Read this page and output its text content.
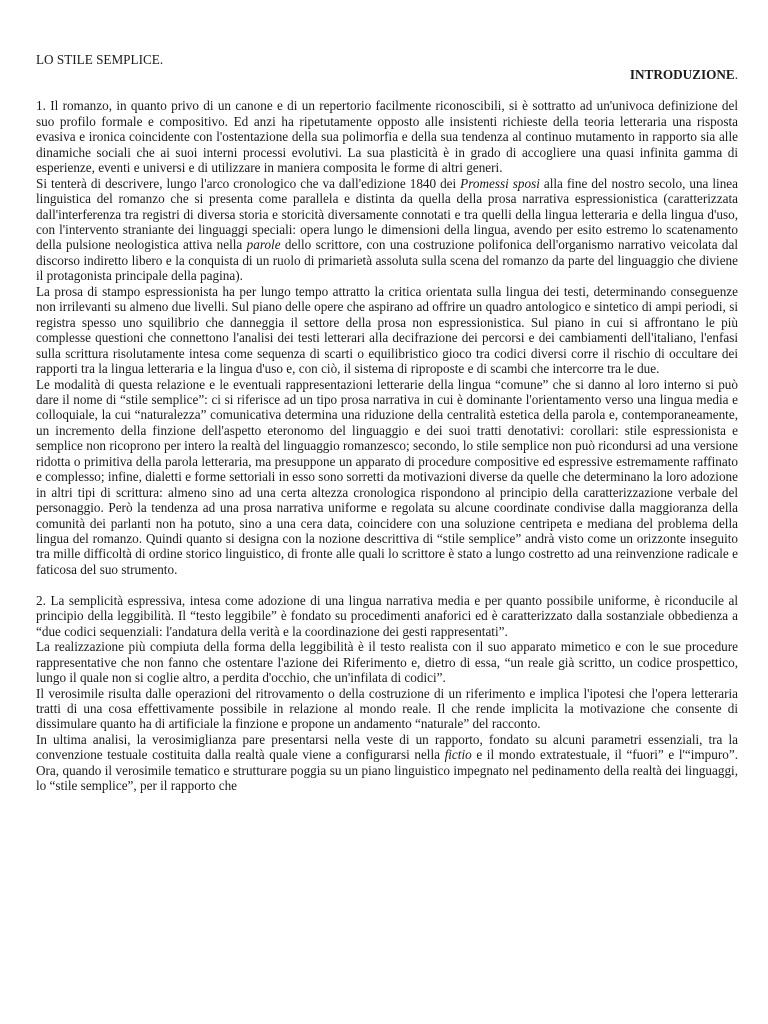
LO STILE SEMPLICE.
INTRODUZIONE.

1. Il romanzo, in quanto privo di un canone e di un repertorio facilmente riconoscibili, si è sottratto ad un'univoca definizione del suo profilo formale e compositivo. Ed anzi ha ripetutamente opposto alle insistenti richieste della teoria letteraria una risposta evasiva e ironica coincidente con l'ostentazione della sua polimorfia e della sua tendenza al continuo mutamento in rapporto sia alle dinamiche sociali che ai suoi interni processi evolutivi. La sua plasticità è in grado di accogliere una quasi infinita gamma di esperienze, eventi e universi e di utilizzare in maniera composita le forme di altri generi.

Si tenterà di descrivere, lungo l'arco cronologico che va dall'edizione 1840 dei Promessi sposi alla fine del nostro secolo, una linea linguistica del romanzo che si presenta come parallela e distinta da quella della prosa narrativa espressionistica (caratterizzata dall'interferenza tra registri di diversa storia e storicità diversamente connotati e tra quelli della lingua letteraria e della lingua d'uso, con l'intervento straniante dei linguaggi speciali: opera lungo le dimensioni della lingua, avendo per esito estremo lo scatenamento della pulsione neologistica attiva nella parole dello scrittore, con una costruzione polifonica dell'organismo narrativo veicolata dal discorso indiretto libero e la conquista di un ruolo di primarietà assoluta sulla scena del romanzo da parte del linguaggio che diviene il protagonista principale della pagina).

La prosa di stampo espressionista ha per lungo tempo attratto la critica orientata sulla lingua dei testi, determinando conseguenze non irrilevanti su almeno due livelli. Sul piano delle opere che aspirano ad offrire un quadro antologico e sintetico di ampi periodi, si registra spesso uno squilibrio che danneggia il settore della prosa non espressionistica. Sul piano in cui si affrontano le più complesse questioni che connettono l'analisi dei testi letterari alla decifrazione dei percorsi e dei cambiamenti dell'italiano, l'enfasi sulla scrittura risolutamente intesa come sequenza di scarti o equilibristico gioco tra codici diversi corre il rischio di occultare dei rapporti tra la lingua letteraria e la lingua d'uso e, con ciò, il sistema di riproposte e di scambi che intercorre tra le due.

Le modalità di questa relazione e le eventuali rappresentazioni letterarie della lingua “comune” che si danno al loro interno si può dare il nome di “stile semplice”: ci si riferisce ad un tipo prosa narrativa in cui è dominante l'orientamento verso una lingua media e colloquiale, la cui “naturalezza” comunicativa determina una riduzione della centralità estetica della parola e, contemporaneamente, un incremento della finzione dell'aspetto eteronomo del linguaggio e dei suoi tratti denotativi: corollari: stile espressionista e semplice non ricoprono per intero la realtà del linguaggio romanzesco; secondo, lo stile semplice non può ricondursi ad una versione ridotta o primitiva della parola letteraria, ma presuppone un apparato di procedure compositive ed espressive estremamente raffinato e complesso; infine, dialetti e forme settoriali in esso sono sorretti da motivazioni diverse da quelle che determinano la loro adozione in altri tipi di scrittura: almeno sino ad una certa altezza cronologica rispondono al principio della caratterizzazione verbale del personaggio. Però la tendenza ad una prosa narrativa uniforme e regolata su alcune coordinate condivise dalla maggioranza della comunità dei parlanti non ha potuto, sino a una cera data, coincidere con una soluzione centripeta e mediana del problema della lingua del romanzo. Quindi quanto si designa con la nozione descrittiva di “stile semplice” andrà visto come un orizzonte inseguito tra mille difficoltà di ordine storico linguistico, di fronte alle quali lo scrittore è stato a lungo costretto ad una reinvenzione radicale e faticosa del suo strumento.

2. La semplicità espressiva, intesa come adozione di una lingua narrativa media e per quanto possibile uniforme, è riconducile al principio della leggibilità. Il “testo leggibile” è fondato su procedimenti anaforici ed è caratterizzato dalla sostanziale obbedienza a “due codici sequenziali: l'andatura della verità e la coordinazione dei gesti rappresentati”.

La realizzazione più compiuta della forma della leggibilità è il testo realista con il suo apparato mimetico e con le sue procedure rappresentative che non fanno che ostentare l'azione dei Riferimento e, dietro di essa, “un reale già scritto, un codice prospettico, lungo il quale non si coglie altro, a perdita d'occhio, che un'infilata di codici”.

Il verosimile risulta dalle operazioni del ritrovamento o della costruzione di un riferimento e implica l'ipotesi che l'opera letteraria tratti di una cosa effettivamente possibile in relazione al mondo reale. Il che rende implicita la motivazione che consente di dissimulare quanto ha di artificiale la finzione e propone un andamento “naturale” del racconto.

In ultima analisi, la verosimiglianza pare presentarsi nella veste di un rapporto, fondato su alcuni parametri essenziali, tra la convenzione testuale costituita dalla realtà quale viene a configurarsi nella fictio e il mondo extratestuale, il “fuori” e l'“impuro”. Ora, quando il verosimile tematico e strutturare poggia su un piano linguistico impegnato nel pedinamento della realtà dei linguaggi, lo “stile semplice”, per il rapporto che
